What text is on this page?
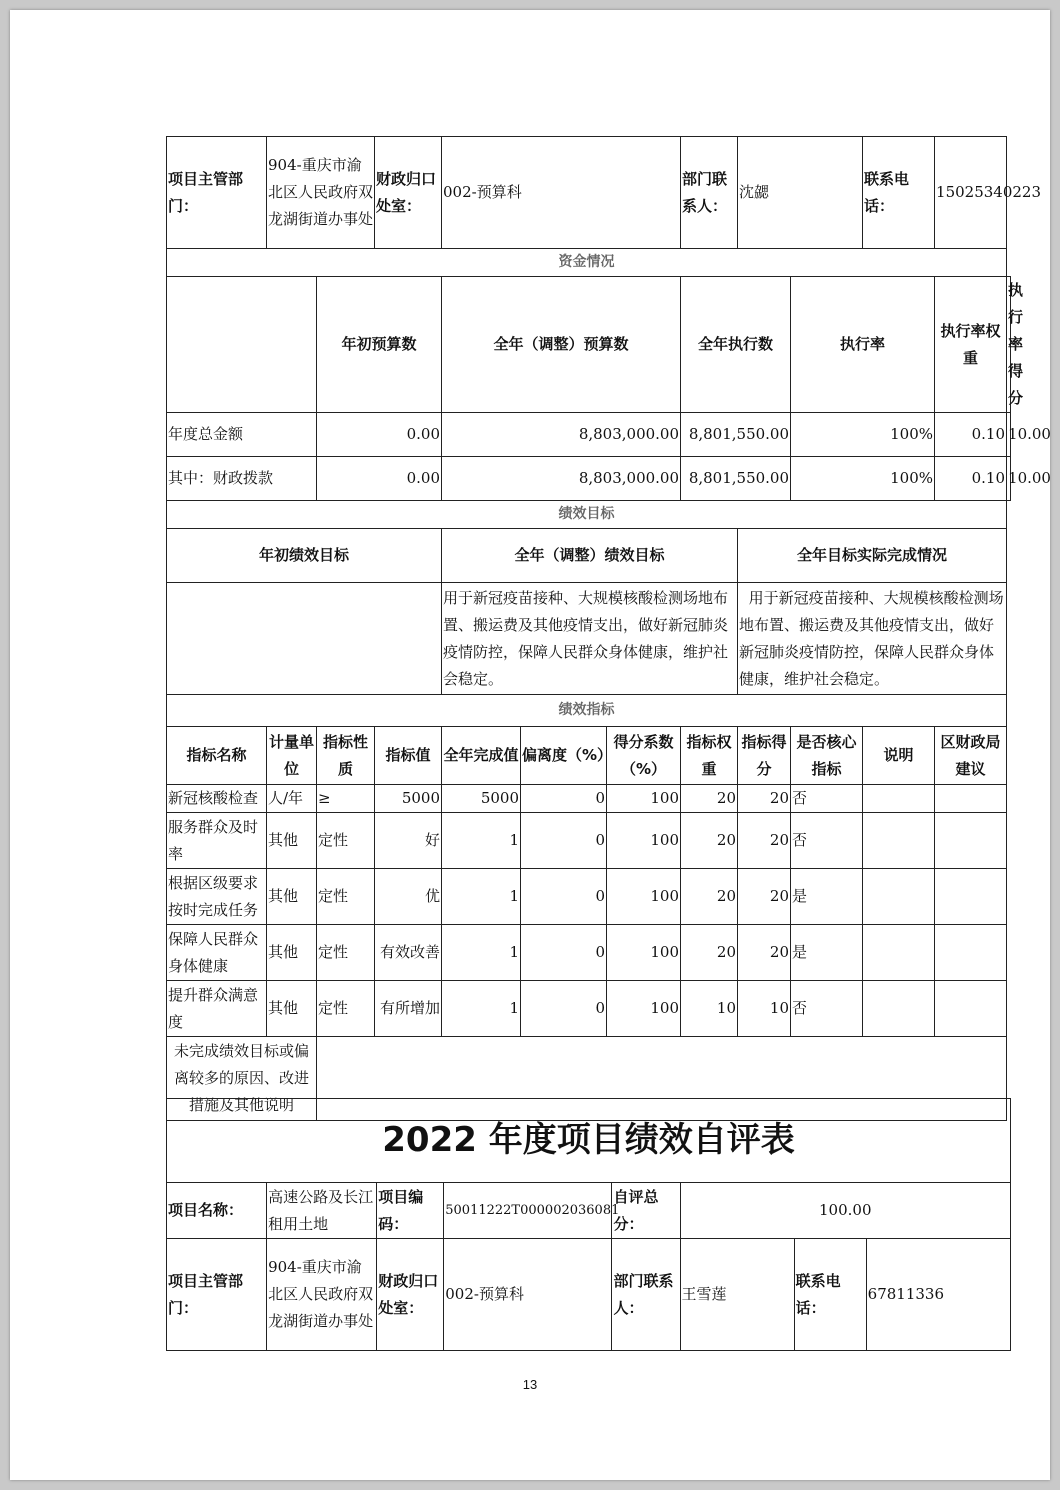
项目主管部门：	904-重庆市渝北区人民政府双龙湖街道办事处		财政归口处室：	002-预算科			部门联系人：	沈勰		联系电话：	15025340223	
资金情况												
		年初预算数		全年（调整）预算数			全年执行数		执行率		执行率权重	执行率得分
年度总金额		0.00		8,803,000.00			8,801,550.00		100%		0.10	10.00
其中：财政拨款		0.00		8,803,000.00			8,801,550.00		100%		0.10	10.00
绩效目标												
年初绩效目标				全年（调整）绩效目标				全年目标实际完成情况				
				用于新冠疫苗接种、大规模核酸检测场地布置、搬运费及其他疫情支出，做好新冠肺炎疫情防控，保障人民群众身体健康，维护社会稳定。				用于新冠疫苗接种、大规模核酸检测场地布置、搬运费及其他疫情支出，做好新冠肺炎疫情防控，保障人民群众身体健康，维护社会稳定。				
绩效指标												
指标名称	计量单位	指标性质	指标值	全年完成值	偏离度（%）	得分系数（%）	指标权重	指标得分	是否核心指标	说明	区财政局建议	
新冠核酸检查	人/年	≥	5000	5000	0	100	20	20	否			
服务群众及时率	其他	定性	好	1	0	100	20	20	否			
根据区级要求按时完成任务	其他	定性	优	1	0	100	20	20	是			
保障人民群众身体健康	其他	定性	有效改善	1	0	100	20	20	是			
提升群众满意度	其他	定性	有所增加	1	0	100	10	10	否			
未完成绩效目标或偏离较多的原因、改进措施及其他说明												
2022 年度项目绩效自评表							
项目名称：	高速公路及长江租用土地	项目编码：	50011222T000002036081	自评总分：	100.00		
项目主管部门：	904-重庆市渝北区人民政府双龙湖街道办事处	财政归口处室：	002-预算科	部门联系人：	王雪莲	联系电话：	67811336
13
